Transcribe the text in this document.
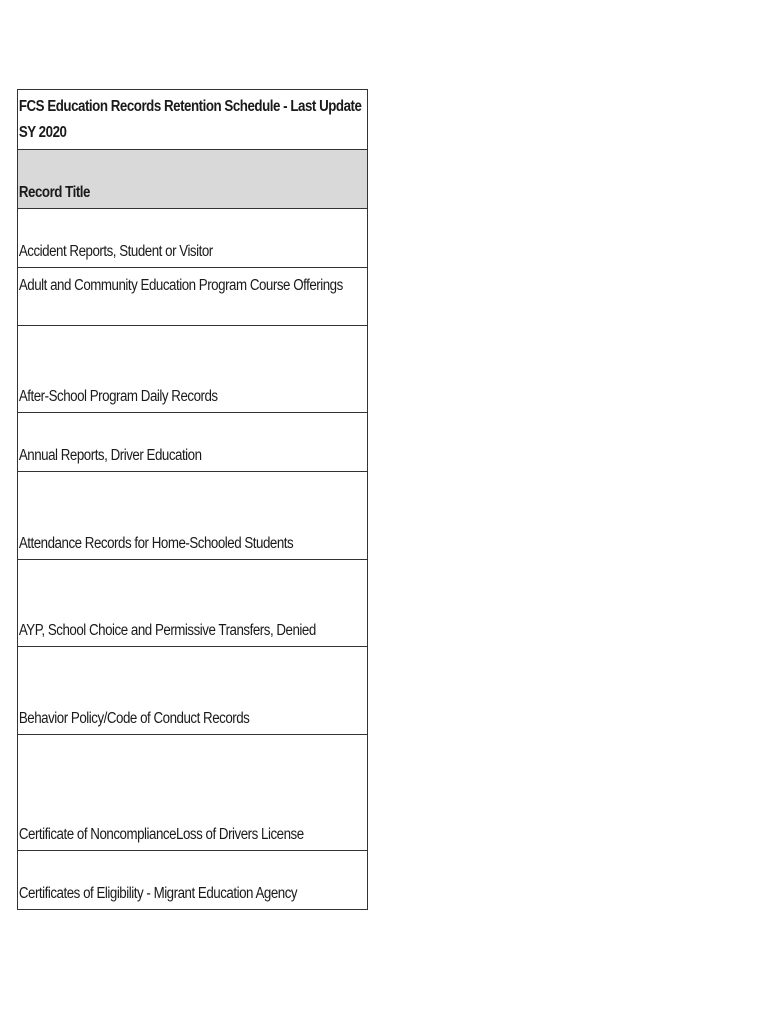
FCS Education Records Retention Schedule - Last Update SY 2020
Record Title
Accident Reports, Student or Visitor
Adult and Community Education Program Course Offerings
After-School Program Daily Records
Annual Reports, Driver Education
Attendance Records for Home-Schooled Students
AYP, School Choice and Permissive Transfers, Denied
Behavior Policy/Code of Conduct Records
Certificate of NoncomplianceLoss of Drivers License
Certificates of Eligibility - Migrant Education Agency
